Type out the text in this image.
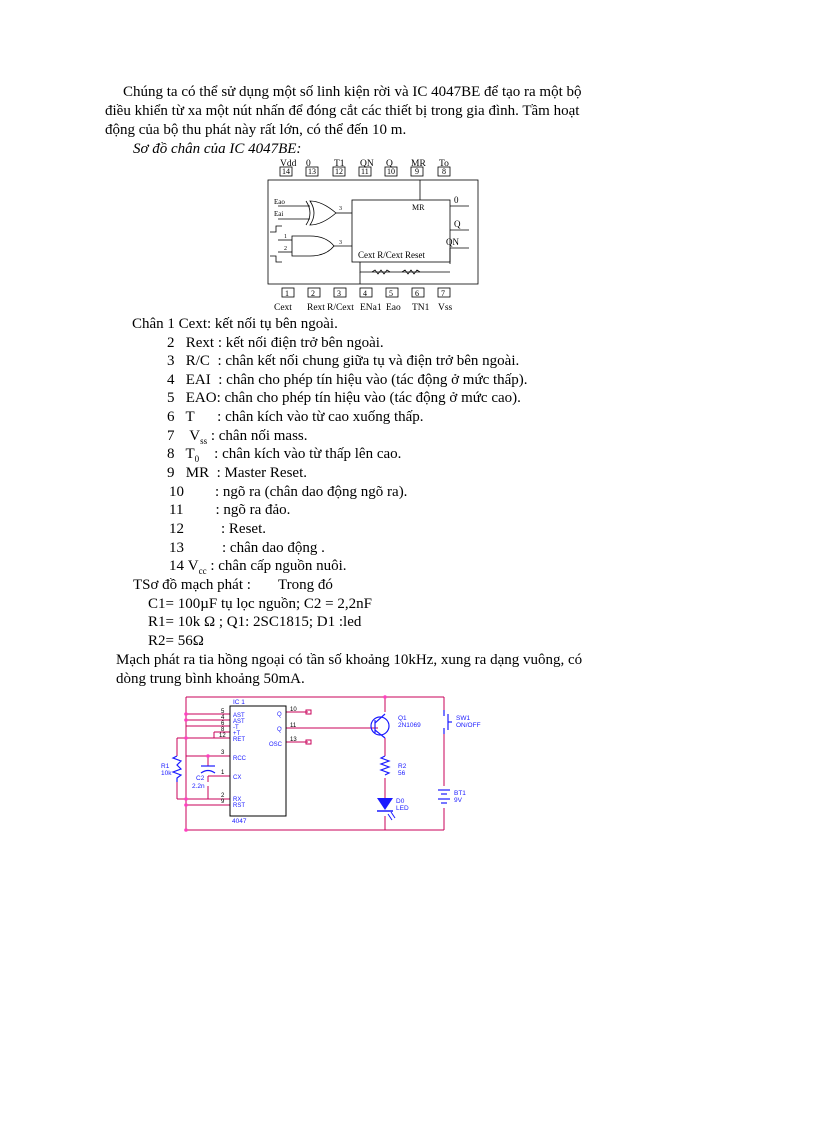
Chúng ta có thể sử dụng một số linh kiện rời và IC 4047BE để tạo ra một bộ
điều khiển từ xa một nút nhấn để đóng cắt các thiết bị trong gia đình. Tầm hoạt
động của bộ thu phát này rất lớn, có thể đến 10 m.
Sơ đồ chân của IC 4047BE:
Vdd 0 T1 QN Q MR To
14 13 12 11 10	9	8
MR
0
Q
QN
Cext R/Cext Reset
Eao
Eai
3
1
2
3
1	2	3	4	5	6	7
Cext Rext R/Cext ENa1 Eao TN1 Vss
Chân 1 Cext: kết nối tụ bên ngoài.
2 Rext : kết nối điện trở bên ngoài.
3 R/C : chân kết nối chung giữa tụ và điện trở bên ngoài.
4 EAI : chân cho phép tín hiệu vào (tác động ở mức thấp).
5 EAO: chân cho phép tín hiệu vào (tác động ở mức cao).
6 T : chân kích vào từ cao xuống thấp.
7 $V_{ss}$ : chân nối mass.
8 $T_0$ : chân kích vào từ thấp lên cao.
9 MR : Master Reset.
10 : ngõ ra (chân dao động ngõ ra).
11 : ngõ ra đảo.
12 : Reset.
13	: chân dao động .
14 $V_{cc}$ : chân cấp nguồn nuôi.
TSơ đồ mạch phát : Trong đó
C1= 100µF tụ lọc nguồn; C2 = 2,2nF
R1= 10k Ω ; Q1: 2SC1815; D1 :led
R2= 56Ω
Mạch phát ra tia hồng ngoại có tần số khoảng 10kHz, xung ra dạng vuông, có
dòng trung bình khoảng 50mA.
IC 1
4047
Q1
2N1069
R2
56
D0
LED
SW1
ON/OFF
BT1
9V
R1
10k
C2
2.2n
5
AST
4
AST
6
-T
8
+T
12
RET
3
RCC
1
CX
2
RX
9
RST
10
Q
11
Q
13
OSC
